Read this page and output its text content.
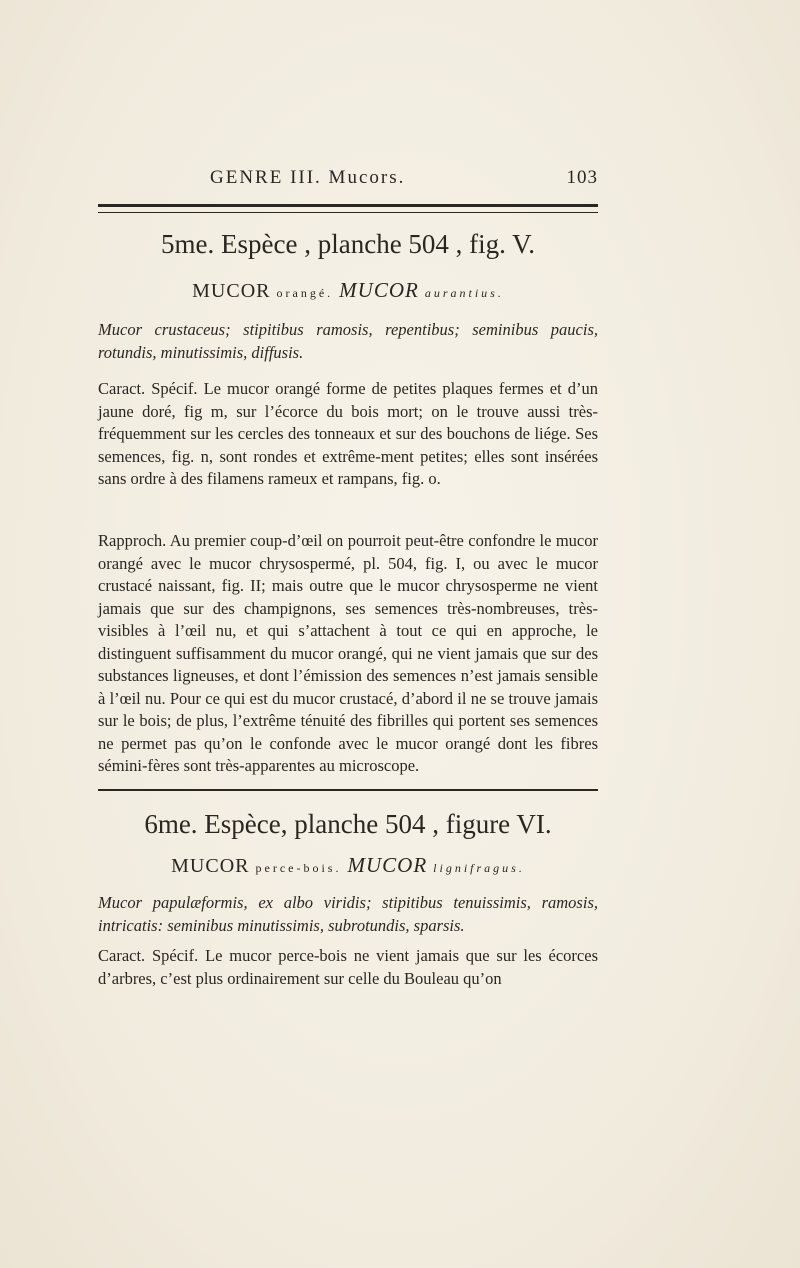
GENRE III. Mucors.	103
5me. Espèce , planche 504 , fig. V.
MUCOR orangé. MUCOR aurantius.

Mucor crustaceus; stipitibus ramosis, repentibus; seminibus paucis, rotundis, minutissimis, diffusis.

Caract. Spécif. Le mucor orangé forme de petites plaques fermes et d’un jaune doré, fig m, sur l’écorce du bois mort; on le trouve aussi très-fréquemment sur les cercles des tonneaux et sur des bouchons de liége. Ses semences, fig. n, sont rondes et extrême-ment petites; elles sont insérées sans ordre à des filamens rameux et rampans, fig. o.

Rapproch. Au premier coup-d’œil on pourroit peut-être confondre le mucor orangé avec le mucor chrysospermé, pl. 504, fig. I, ou avec le mucor crustacé naissant, fig. II; mais outre que le mucor chrysosperme ne vient jamais que sur des champignons, ses semences très-nombreuses, très-visibles à l’œil nu, et qui s’attachent à tout ce qui en approche, le distinguent suffisamment du mucor orangé, qui ne vient jamais que sur des substances ligneuses, et dont l’émission des semences n’est jamais sensible à l’œil nu. Pour ce qui est du mucor crustacé, d’abord il ne se trouve jamais sur le bois; de plus, l’extrême ténuité des fibrilles qui portent ses semences ne permet pas qu’on le confonde avec le mucor orangé dont les fibres sémini-fères sont très-apparentes au microscope.

6me. Espèce, planche 504 , figure VI.
MUCOR perce-bois. MUCOR lignifragus.

Mucor papulæformis, ex albo viridis; stipitibus tenuissimis, ramosis, intricatis: seminibus minutissimis, subrotundis, sparsis.

Caract. Spécif. Le mucor perce-bois ne vient jamais que sur les écorces d’arbres, c’est plus ordinairement sur celle du Bouleau qu’on
